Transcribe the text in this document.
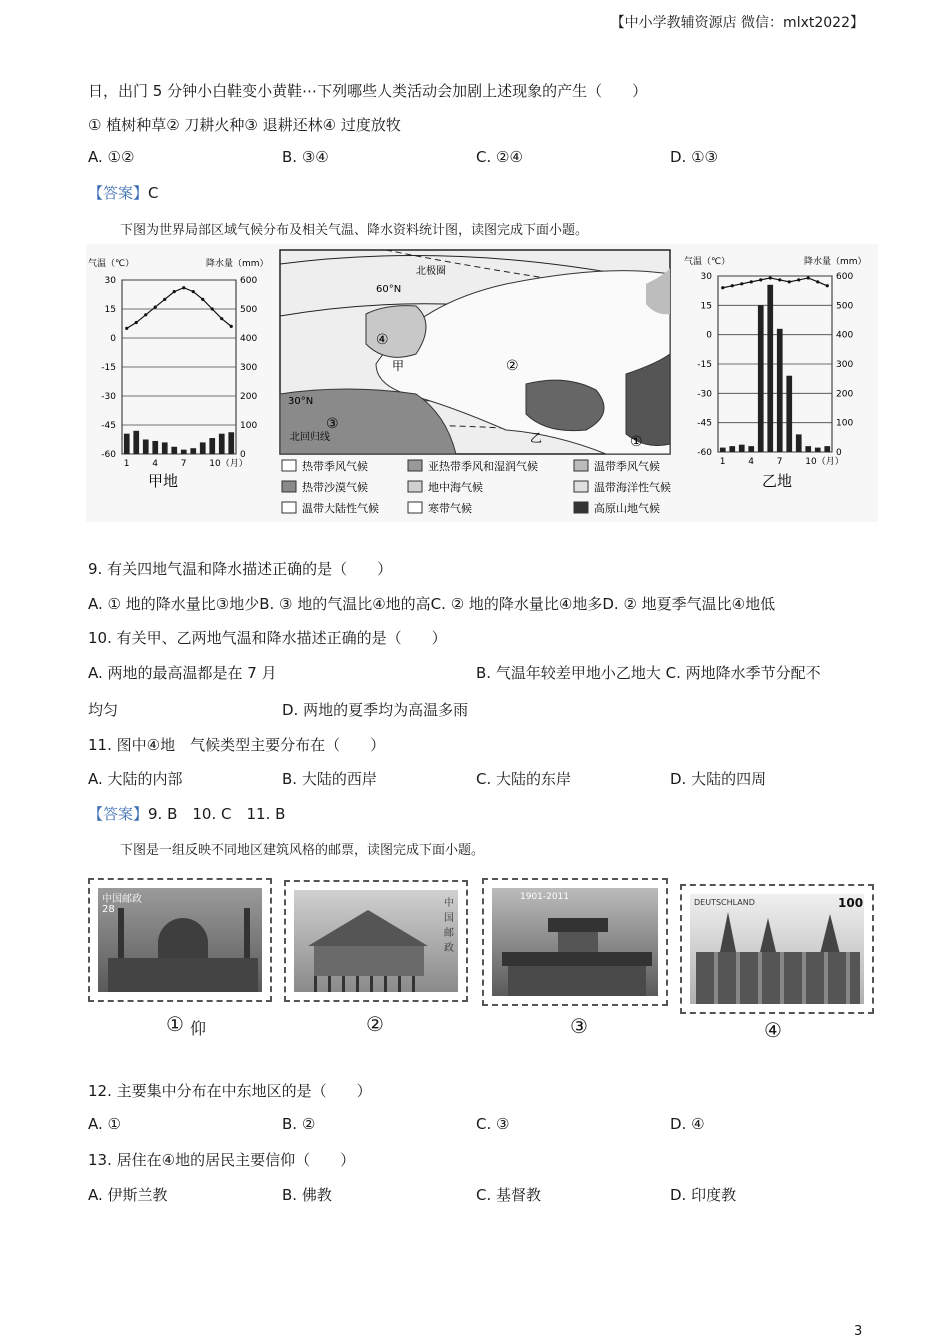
【中小学教辅资源店 微信：mlxt2022】
日，出门 5 分钟小白鞋变小黄鞋⋯下列哪些人类活动会加剧上述现象的产生（　　）
① 植树种草② 刀耕火种③ 退耕还林④ 过度放牧
A. ①②	B. ③④	C. ②④	D. ①③
【答案】C
下图为世界局部区域气候分布及相关气温、降水资料统计图，读图完成下面小题。
气温（℃）	降水量（mm）
30	600
15	500
0	400
-15	300
-30	200
-45	100
-60	0
1	4	7	10（月）
甲地
北极圈
60°N
30°N
北回归线
甲
乙	①
②
③
④
热带季风气候	亚热带季风和湿润气候	温带季风气候
热带沙漠气候	地中海气候	温带海洋性气候
温带大陆性气候	寒带气候	高原山地气候
气温（℃）	降水量（mm）
30	600
15	500
0	400
-15	300
-30	200
-45	100
-60	0
1	4	7	10（月）
乙地
9. 有关四地气温和降水描述正确的是（　　）
A. ① 地的降水量比③地少B. ③ 地的气温比④地的高C. ② 地的降水量比④地多D. ② 地夏季气温比④地低
10. 有关甲、乙两地气温和降水描述正确的是（　　）
A. 两地的最高温都是在 7 月	B. 气温年较差甲地小乙地大 C. 两地降水季节分配不
均匀	D. 两地的夏季均为高温多雨
11. 图中④地　气候类型主要分布在（　　）
A. 大陆的内部	B. 大陆的西岸	C. 大陆的东岸	D. 大陆的四周
【答案】9. B　10. C　11. B
下图是一组反映不同地区建筑风格的邮票，读图完成下面小题。
中国邮政
28
中国邮政
1901-2011
DEUTSCHLAND	100
① 仰	②	③	④
12. 主要集中分布在中东地区的是（　　）
A. ①	B. ②	C. ③	D. ④
13. 居住在④地的居民主要信仰（　　）
A. 伊斯兰教	B. 佛教	C. 基督教	D. 印度教
3
